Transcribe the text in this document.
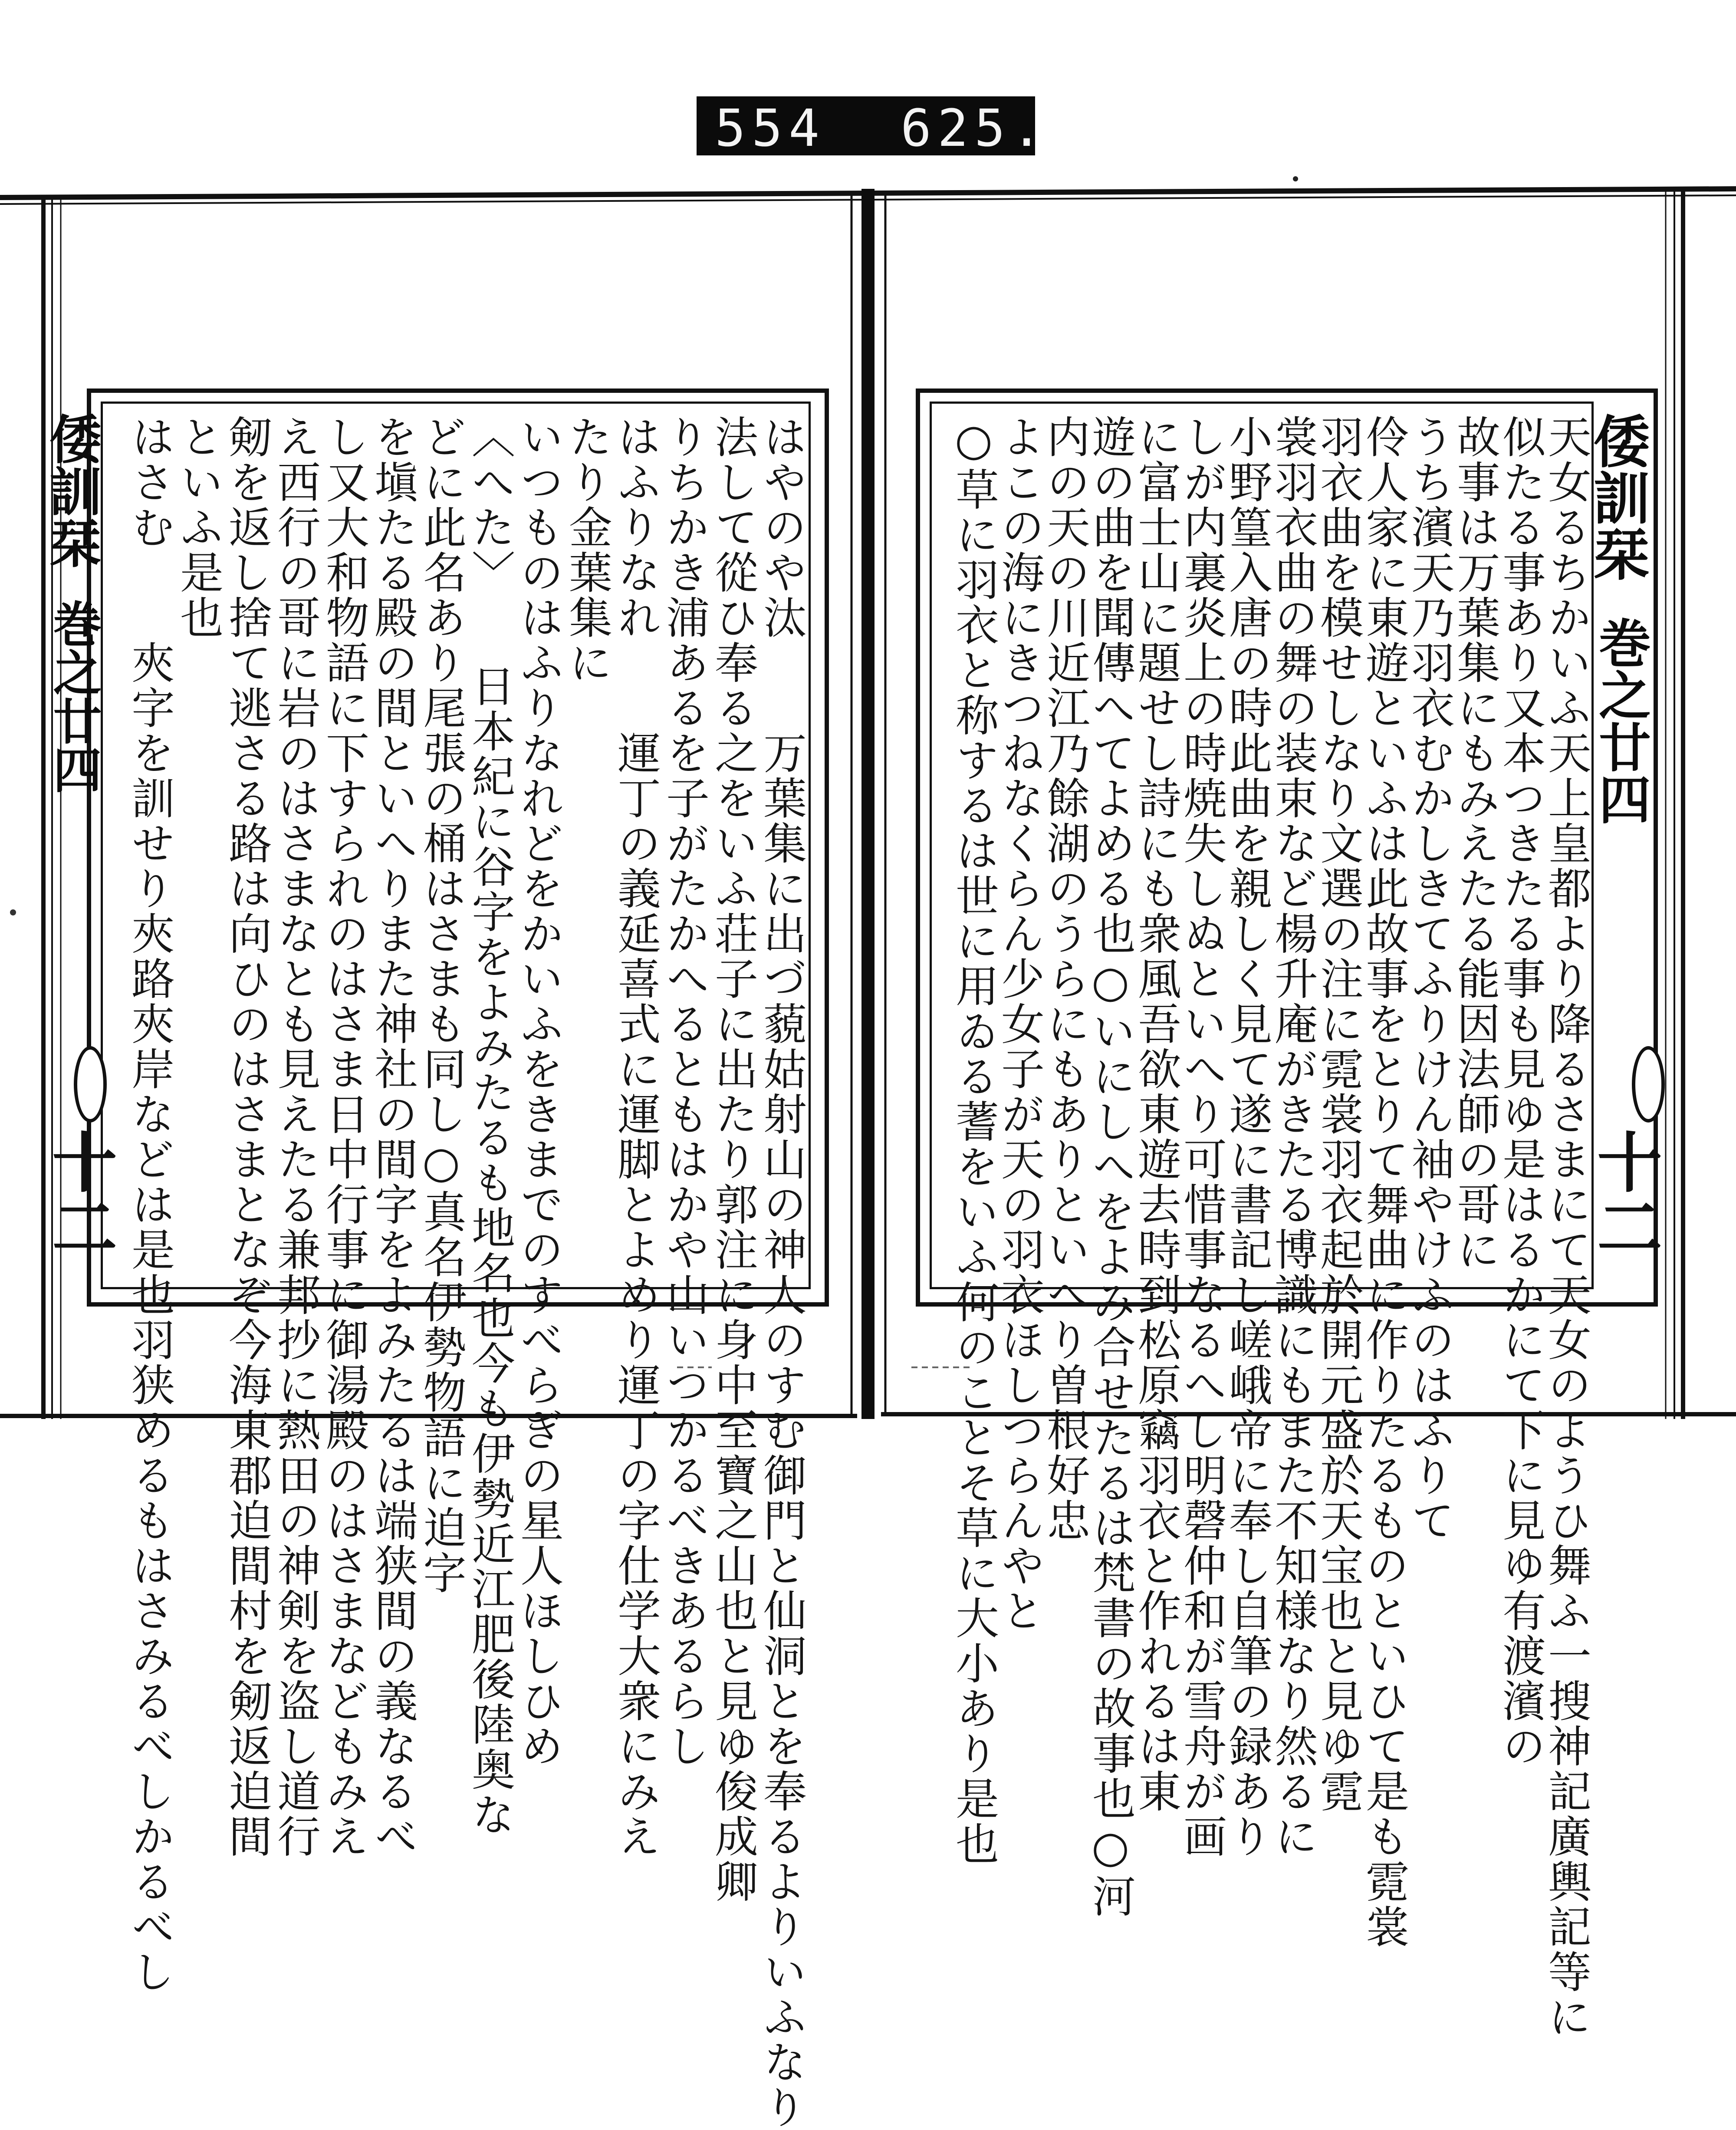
554 625.
倭訓栞
巻之廿四
十二	はやのや汰　　万葉集に出づ藐姑射山の神人のすむ御門と仙洞とを奉るよりいふなり
法して從ひ奉る之をいふ荘子に出たり郭注に身中至寶之山也と見ゆ俊成卿
りちかき浦あるを子がたかへるともはかや山いつかるべきあるらし
はふりなれ　　運丁の義延喜式に運脚とよめり運丁の字仕学大衆にみえ
たり金葉集に
いつものはふりなれどをかいふをきまでのすべらぎの星人ほしひめ
〈へた〉　　日本紀に谷字をよみたるも地名也今も伊勢近江肥後陸奥な
どに此名あり尾張の桶はさまも同し○真名伊勢物語に迫字
を塡たる殿の間といへりまた神社の間字をよみたるは端狭間の義なるべ
し又大和物語に下すられのはさま日中行事に御湯殿のはさまなどもみえ
え西行の哥に岩のはさまなとも見えたる兼邦抄に熱田の神剣を盗し道行
剱を返し捨て逃さる路は向ひのはさまとなぞ今海東郡迫間村を剱返迫間
といふ是也
はさむ　　夾字を訓せり夾路夾岸などは是也羽狭めるもはさみるべしかるべし	倭訓栞
巻之廿四
十二
天女るちかいふ天上皇都より降るさまにて天女のようひ舞ふ一搜神記廣輿記等に
似たる事あり又本つきたる事も見ゆ是はるかにて下に見ゆ有渡濱の
故事は万葉集にもみえたる能因法師の哥に
うち濱天乃羽衣むかしきてふりけん袖やけふのはふりて
伶人家に東遊といふは此故事をとりて舞曲に作りたるものといひて是も霓裳
羽衣曲を模せしなり文選の注に霓裳羽衣起於開元盛於天宝也と見ゆ霓
裳羽衣曲の舞の装束など楊升庵がきたる博識にもまた不知様なり然るに
小野篁入唐の時此曲を親しく見て遂に書記し嵯峨帝に奉し自筆の録あり
しが内裏炎上の時焼失しぬといへり可惜事なるへし明磬仲和が雪舟が画
に富士山に題せし詩にも衆風吾欲東遊去時到松原竊羽衣と作れるは東
遊の曲を聞傳へてよめる也○いにしへをよみ合せたるは梵書の故事也○河
内の天の川近江乃餘湖のうらにもありといへり曽根好忠
よこの海にきつねなくらん少女子が天の羽衣ほしつらんやと
○草に羽衣と称するは世に用ゐる蓍をいふ何のことそ草に大小あり是也
